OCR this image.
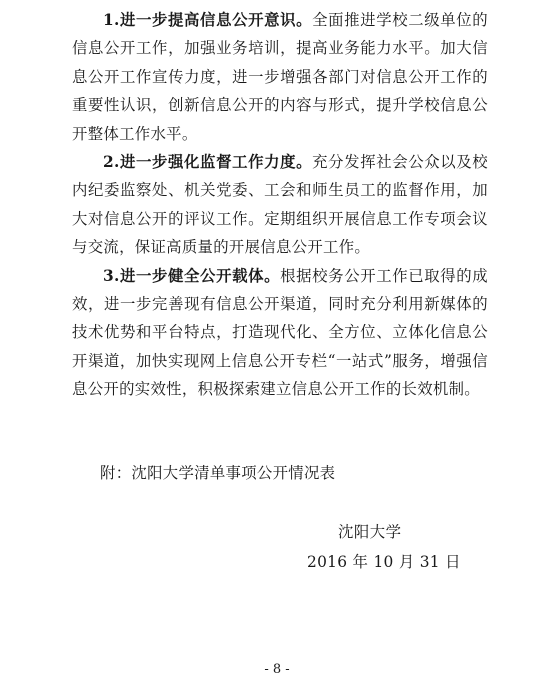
1.进一步提高信息公开意识。全面推进学校二级单位的信息公开工作，加强业务培训，提高业务能力水平。加大信息公开工作宣传力度，进一步增强各部门对信息公开工作的重要性认识，创新信息公开的内容与形式，提升学校信息公开整体工作水平。

2.进一步强化监督工作力度。充分发挥社会公众以及校内纪委监察处、机关党委、工会和师生员工的监督作用，加大对信息公开的评议工作。定期组织开展信息工作专项会议与交流，保证高质量的开展信息公开工作。

3.进一步健全公开载体。根据校务公开工作已取得的成效，进一步完善现有信息公开渠道，同时充分利用新媒体的技术优势和平台特点，打造现代化、全方位、立体化信息公开渠道，加快实现网上信息公开专栏“一站式”服务，增强信息公开的实效性，积极探索建立信息公开工作的长效机制。

附：沈阳大学清单事项公开情况表
沈阳大学
2016 年 10 月 31 日
- 8 -
